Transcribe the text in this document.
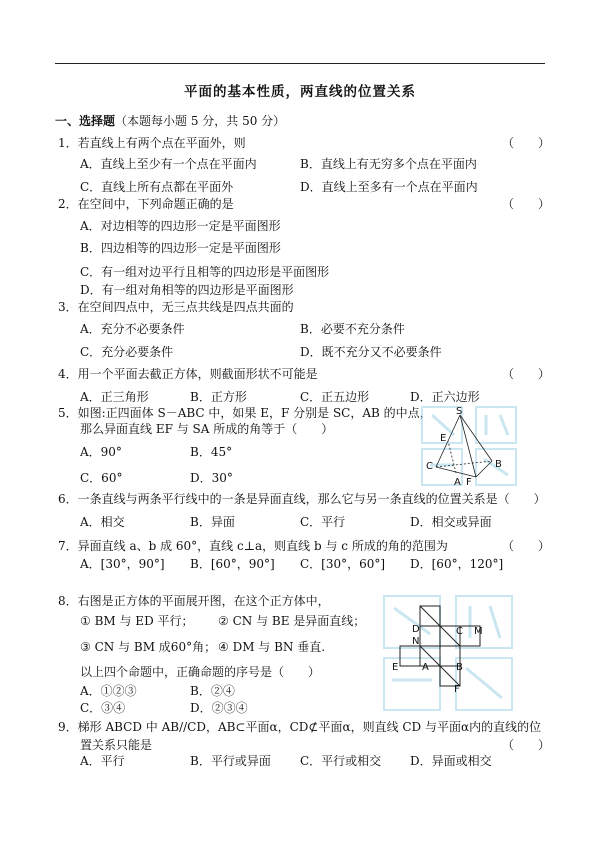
平面的基本性质，两直线的位置关系
一、选择题（本题每小题 5 分，共 50 分）
1．若直线上有两个点在平面外，则	（　　）
A．直线上至少有一个点在平面内	B．直线上有无穷多个点在平面内
C．直线上所有点都在平面外	D．直线上至多有一个点在平面内
2．在空间中，下列命题正确的是	（　　）
A．对边相等的四边形一定是平面图形
B．四边相等的四边形一定是平面图形
C．有一组对边平行且相等的四边形是平面图形
D．有一组对角相等的四边形是平面图形
3．在空间四点中，无三点共线是四点共面的
A．充分不必要条件	B．必要不充分条件
C．充分必要条件	D．既不充分又不必要条件
4．用一个平面去截正方体，则截面形状不可能是	（　　）
A．正三角形	B．正方形	C．正五边形	D．正六边形
5．如图:正四面体 S－ABC 中，如果 E，F 分别是 SC，AB 的中点，
那么异面直线 EF 与 SA 所成的角等于（　　）
A．90°	B．45°
C．60°	D．30°
S
E
C
A F
B
6．一条直线与两条平行线中的一条是异面直线，那么它与另一条直线的位置关系是（　　）
A．相交	B．异面	C．平行	D．相交或异面
7．异面直线 a、b 成 60°，直线 c⊥a，则直线 b 与 c 所成的角的范围为	（　　）
A．[30°，90°] B．[60°，90°] C．[30°，60°] D．[60°，120°]
8．右图是正方体的平面展开图，在这个正方体中，
① BM 与 ED 平行； ② CN 与 BE 是异面直线；
③ CN 与 BM 成60°角； ④ DM 与 BN 垂直.
以上四个命题中，正确命题的序号是（　　）
A．①②③	B．②④
C．③④	D．②③④
N
D	C M
E A	B
F
9．梯形 ABCD 中 AB//CD，AB⊂平面α，CD⊄平面α，则直线 CD 与平面α内的直线的位
置关系只能是	（　　）
A．平行	B．平行或异面 C．平行或相交 D．异面或相交
